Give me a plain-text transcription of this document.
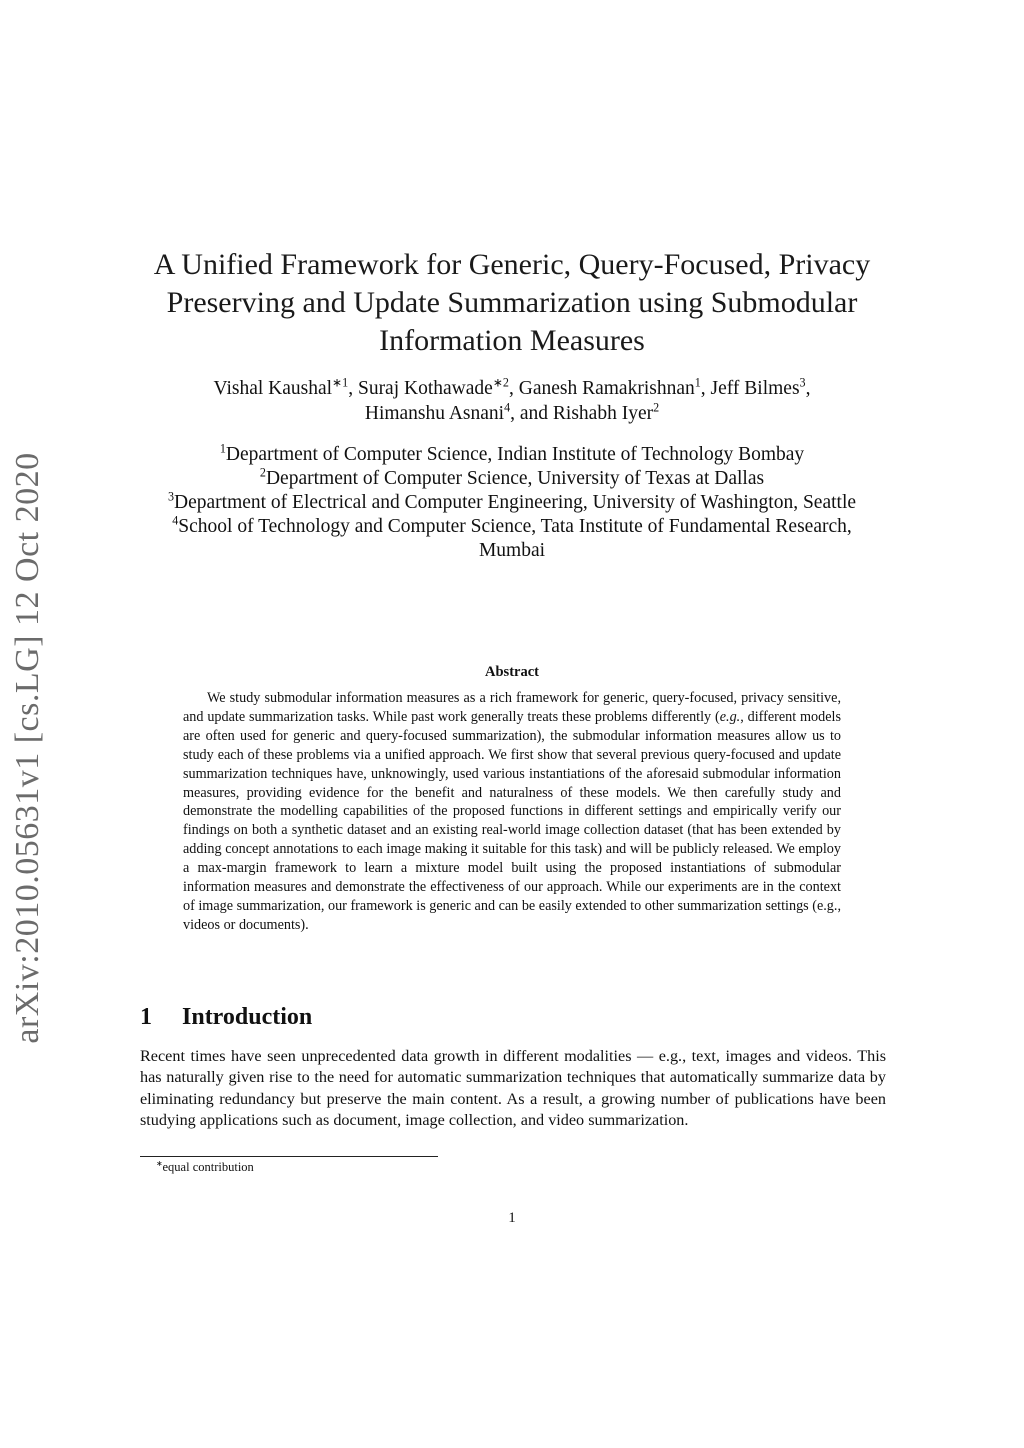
arXiv:2010.05631v1 [cs.LG] 12 Oct 2020
A Unified Framework for Generic, Query-Focused, Privacy Preserving and Update Summarization using Submodular Information Measures
Vishal Kaushal$^{∗1}$, Suraj Kothawade$^{∗2}$, Ganesh Ramakrishnan$^1$, Jeff Bilmes$^3$,
Himanshu Asnani$^4$, and Rishabh Iyer$^2$
$^1$Department of Computer Science, Indian Institute of Technology Bombay
$^2$Department of Computer Science, University of Texas at Dallas
$^3$Department of Electrical and Computer Engineering, University of Washington, Seattle
$^4$School of Technology and Computer Science, Tata Institute of Fundamental Research, Mumbai
Abstract
We study submodular information measures as a rich framework for generic, query-focused, privacy sensitive, and update summarization tasks. While past work generally treats these problems differently (e.g., different models are often used for generic and query-focused summarization), the submodular information measures allow us to study each of these problems via a unified approach. We first show that several previous query-focused and update summarization techniques have, unknowingly, used various instantiations of the aforesaid submodular information measures, providing evidence for the benefit and naturalness of these models. We then carefully study and demonstrate the modelling capabilities of the proposed functions in different settings and empirically verify our findings on both a synthetic dataset and an existing real-world image collection dataset (that has been extended by adding concept annotations to each image making it suitable for this task) and will be publicly released. We employ a max-margin framework to learn a mixture model built using the proposed instantiations of submodular information measures and demonstrate the effectiveness of our approach. While our experiments are in the context of image summarization, our framework is generic and can be easily extended to other summarization settings (e.g., videos or documents).
1 Introduction
Recent times have seen unprecedented data growth in different modalities — e.g., text, images and videos. This has naturally given rise to the need for automatic summarization techniques that automatically summarize data by eliminating redundancy but preserve the main content. As a result, a growing number of publications have been studying applications such as document, image collection, and video summarization.
∗equal contribution
1
